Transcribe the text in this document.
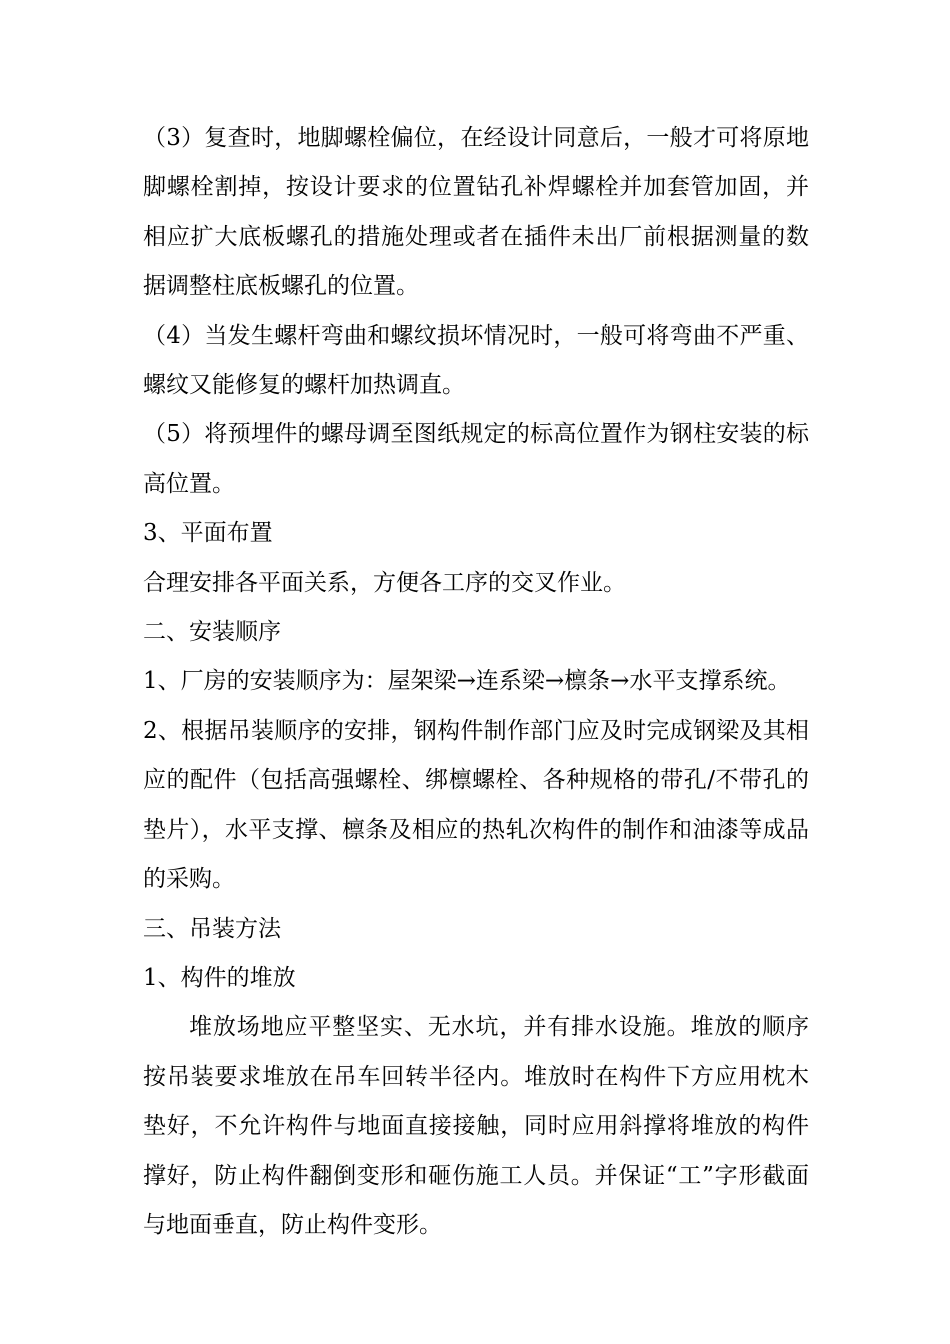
（3）复查时，地脚螺栓偏位，在经设计同意后，一般才可将原地脚螺栓割掉，按设计要求的位置钻孔补焊螺栓并加套管加固，并相应扩大底板螺孔的措施处理或者在插件未出厂前根据测量的数据调整柱底板螺孔的位置。

（4）当发生螺杆弯曲和螺纹损坏情况时，一般可将弯曲不严重、螺纹又能修复的螺杆加热调直。

（5）将预埋件的螺母调至图纸规定的标高位置作为钢柱安装的标高位置。

3、平面布置

合理安排各平面关系，方便各工序的交叉作业。

二、安装顺序

1、厂房的安装顺序为：屋架梁→连系梁→檩条→水平支撑系统。

2、根据吊装顺序的安排，钢构件制作部门应及时完成钢梁及其相应的配件（包括高强螺栓、绑檩螺栓、各种规格的带孔/不带孔的垫片），水平支撑、檩条及相应的热轧次构件的制作和油漆等成品的采购。

三、吊装方法

1、构件的堆放

堆放场地应平整坚实、无水坑，并有排水设施。堆放的顺序按吊装要求堆放在吊车回转半径内。堆放时在构件下方应用枕木垫好，不允许构件与地面直接接触，同时应用斜撑将堆放的构件撑好，防止构件翻倒变形和砸伤施工人员。并保证“工”字形截面与地面垂直，防止构件变形。
